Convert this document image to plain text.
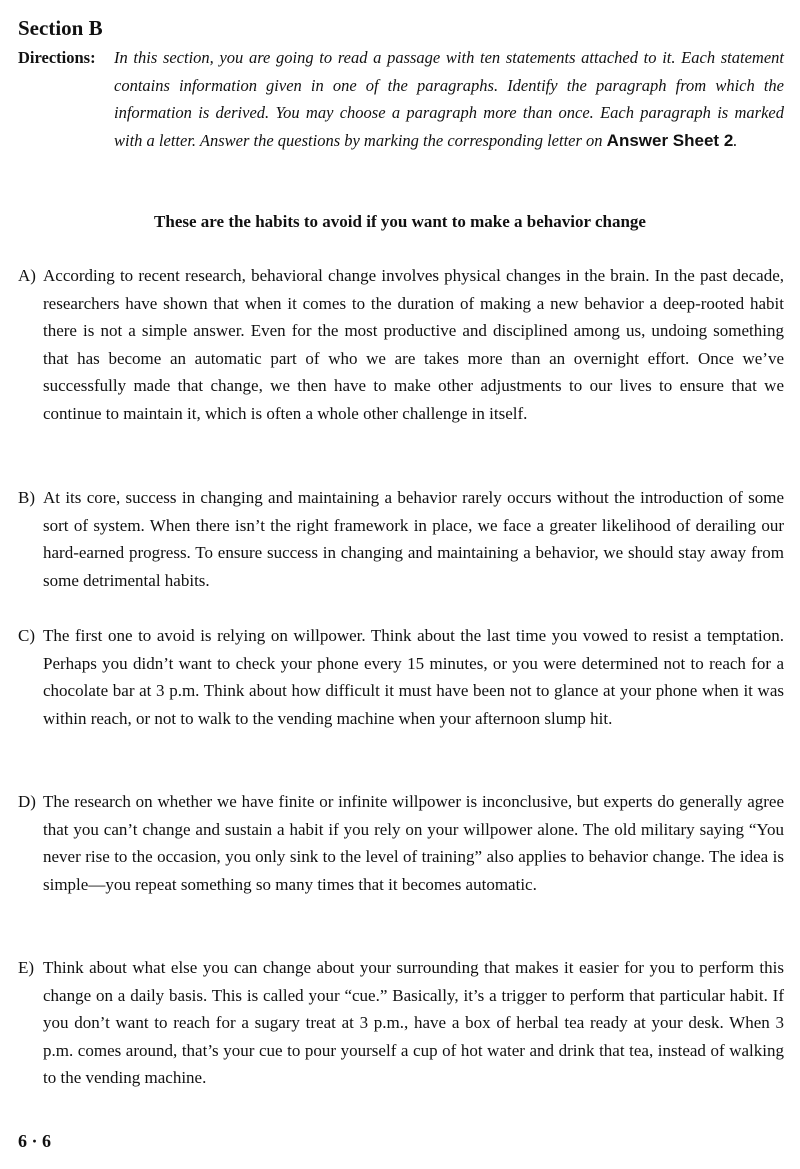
Section B
Directions:	In this section, you are going to read a passage with ten statements attached to it. Each statement contains information given in one of the paragraphs. Identify the paragraph from which the information is derived. You may choose a paragraph more than once. Each paragraph is marked with a letter. Answer the questions by marking the corresponding letter on Answer Sheet 2.
These are the habits to avoid if you want to make a behavior change
A) According to recent research, behavioral change involves physical changes in the brain. In the past decade, researchers have shown that when it comes to the duration of making a new behavior a deep-rooted habit there is not a simple answer. Even for the most productive and disciplined among us, undoing something that has become an automatic part of who we are takes more than an overnight effort. Once we’ve successfully made that change, we then have to make other adjustments to our lives to ensure that we continue to maintain it, which is often a whole other challenge in itself.
B) At its core, success in changing and maintaining a behavior rarely occurs without the introduction of some sort of system. When there isn’t the right framework in place, we face a greater likelihood of derailing our hard-earned progress. To ensure success in changing and maintaining a behavior, we should stay away from some detrimental habits.
C) The first one to avoid is relying on willpower. Think about the last time you vowed to resist a temptation. Perhaps you didn’t want to check your phone every 15 minutes, or you were determined not to reach for a chocolate bar at 3 p.m. Think about how difficult it must have been not to glance at your phone when it was within reach, or not to walk to the vending machine when your afternoon slump hit.
D) The research on whether we have finite or infinite willpower is inconclusive, but experts do generally agree that you can’t change and sustain a habit if you rely on your willpower alone. The old military saying “You never rise to the occasion, you only sink to the level of training” also applies to behavior change. The idea is simple—you repeat something so many times that it becomes automatic.
E) Think about what else you can change about your surrounding that makes it easier for you to perform this change on a daily basis. This is called your “cue.” Basically, it’s a trigger to perform that particular habit. If you don’t want to reach for a sugary treat at 3 p.m., have a box of herbal tea ready at your desk. When 3 p.m. comes around, that’s your cue to pour yourself a cup of hot water and drink that tea, instead of walking to the vending machine.
6 · 6
